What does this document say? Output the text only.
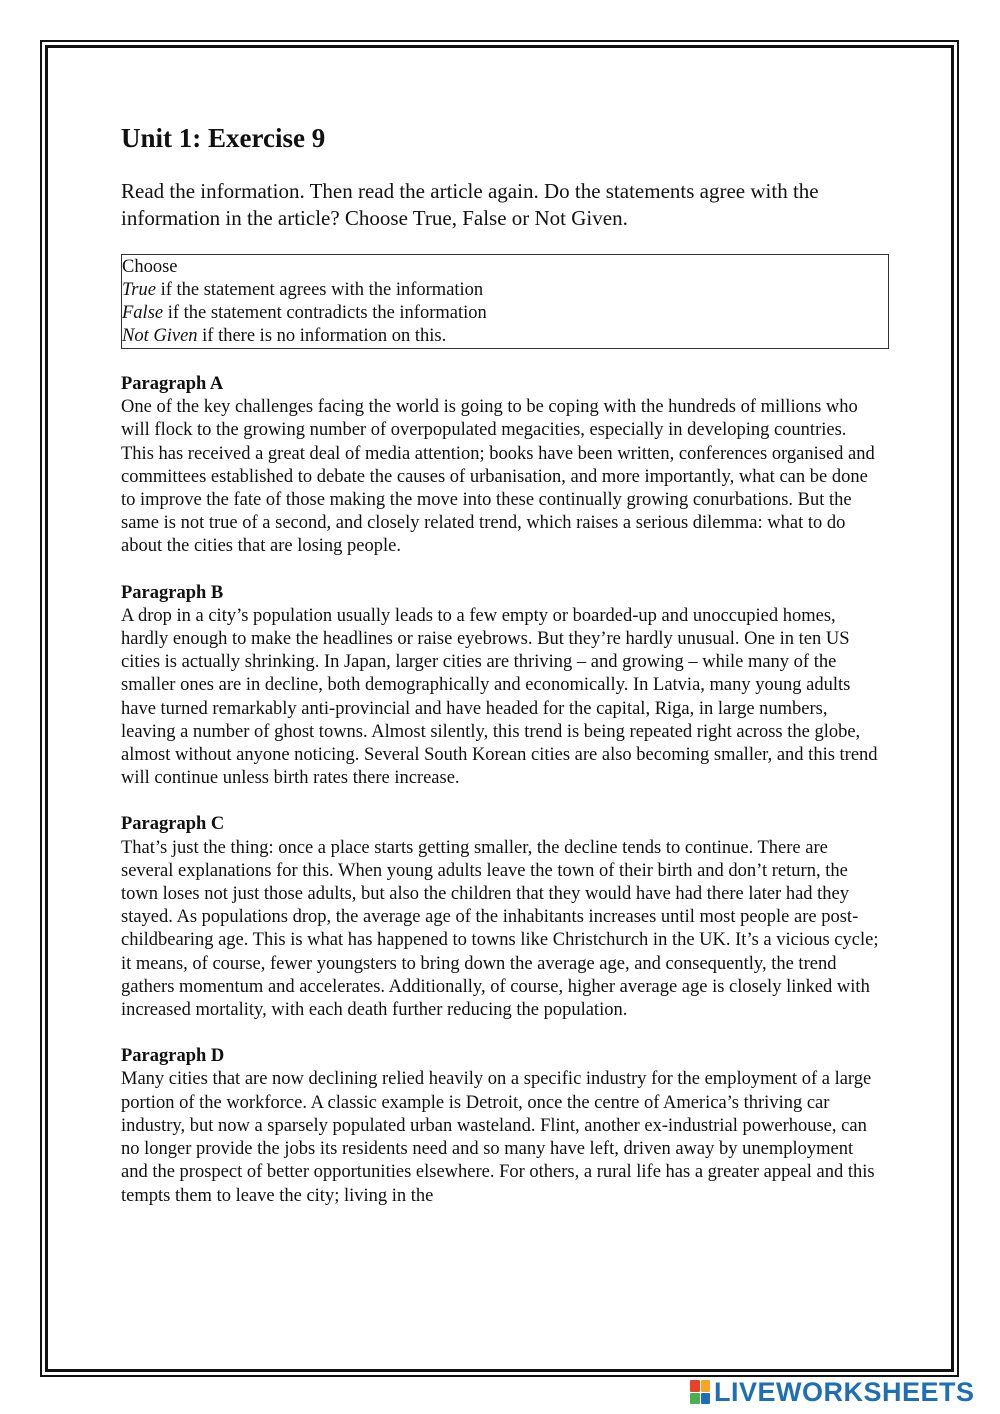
Unit 1: Exercise 9

Read the information. Then read the article again. Do the statements agree with the information in the article? Choose True, False or Not Given.

Choose
True if the statement agrees with the information
False if the statement contradicts the information
Not Given if there is no information on this.
Paragraph A
One of the key challenges facing the world is going to be coping with the hundreds of millions who will flock to the growing number of overpopulated megacities, especially in developing countries. This has received a great deal of media attention; books have been written, conferences organised and committees established to debate the causes of urbanisation, and more importantly, what can be done to improve the fate of those making the move into these continually growing conurbations. But the same is not true of a second, and closely related trend, which raises a serious dilemma: what to do about the cities that are losing people.
Paragraph B
A drop in a city’s population usually leads to a few empty or boarded-up and unoccupied homes, hardly enough to make the headlines or raise eyebrows. But they’re hardly unusual. One in ten US cities is actually shrinking. In Japan, larger cities are thriving – and growing – while many of the smaller ones are in decline, both demographically and economically. In Latvia, many young adults have turned remarkably anti-provincial and have headed for the capital, Riga, in large numbers, leaving a number of ghost towns. Almost silently, this trend is being repeated right across the globe, almost without anyone noticing. Several South Korean cities are also becoming smaller, and this trend will continue unless birth rates there increase.
Paragraph C
That’s just the thing: once a place starts getting smaller, the decline tends to continue. There are several explanations for this. When young adults leave the town of their birth and don’t return, the town loses not just those adults, but also the children that they would have had there later had they stayed. As populations drop, the average age of the inhabitants increases until most people are post-childbearing age. This is what has happened to towns like Christchurch in the UK. It’s a vicious cycle; it means, of course, fewer youngsters to bring down the average age, and consequently, the trend gathers momentum and accelerates. Additionally, of course, higher average age is closely linked with increased mortality, with each death further reducing the population.
Paragraph D
Many cities that are now declining relied heavily on a specific industry for the employment of a large portion of the workforce. A classic example is Detroit, once the centre of America’s thriving car industry, but now a sparsely populated urban wasteland. Flint, another ex-industrial powerhouse, can no longer provide the jobs its residents need and so many have left, driven away by unemployment and the prospect of better opportunities elsewhere. For others, a rural life has a greater appeal and this tempts them to leave the city; living in the
LIVEWORKSHEETS
